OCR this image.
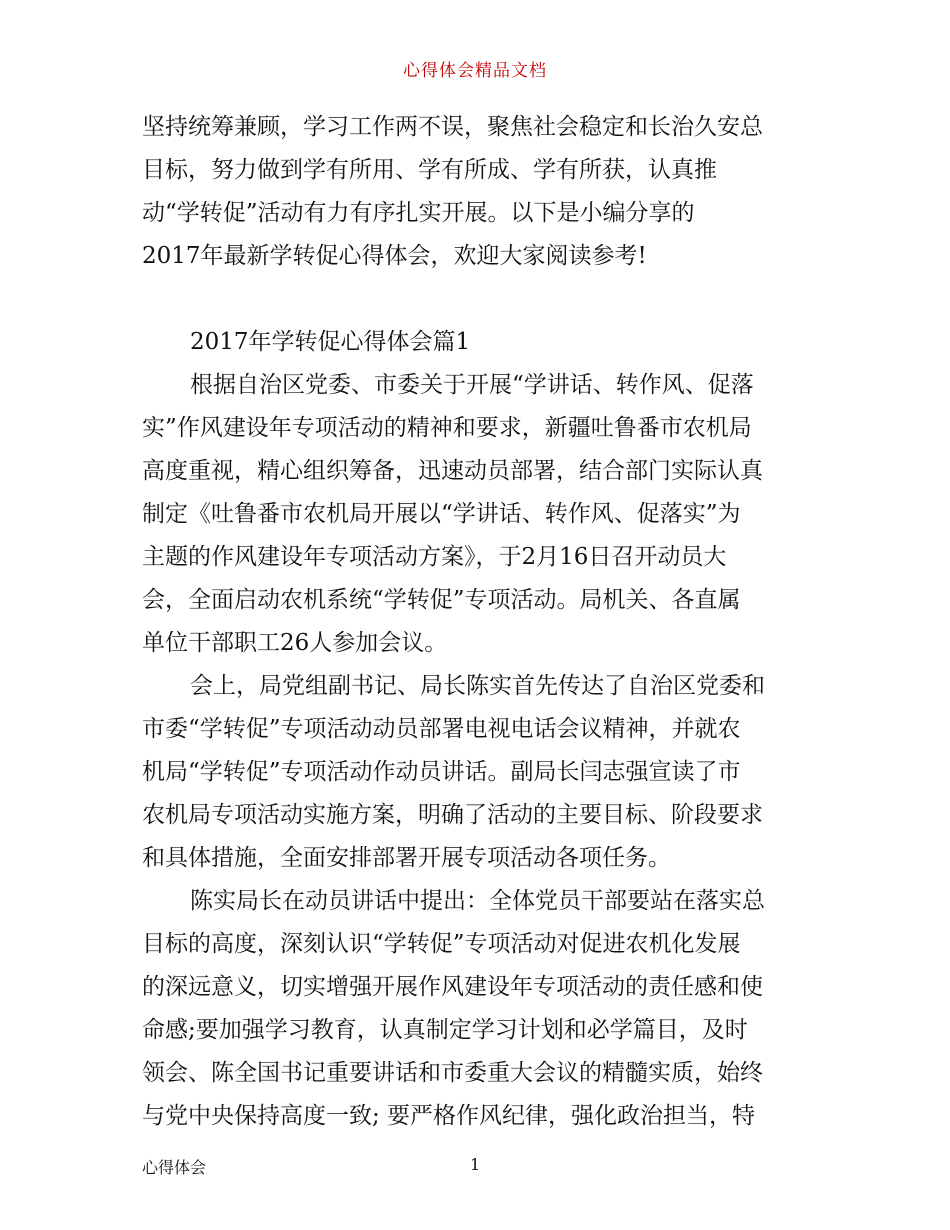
心得体会精品文档
坚持统筹兼顾，学习工作两不误，聚焦社会稳定和长治久安总
目标，努力做到学有所用、学有所成、学有所获，认真推
动“学转促”活动有力有序扎实开展。以下是小编分享的
2017年最新学转促心得体会，欢迎大家阅读参考!
2017年学转促心得体会篇1
根据自治区党委、市委关于开展“学讲话、转作风、促落
实”作风建设年专项活动的精神和要求，新疆吐鲁番市农机局
高度重视，精心组织筹备，迅速动员部署，结合部门实际认真
制定《吐鲁番市农机局开展以“学讲话、转作风、促落实”为
主题的作风建设年专项活动方案》，于2月16日召开动员大
会，全面启动农机系统“学转促”专项活动。局机关、各直属
单位干部职工26人参加会议。
会上，局党组副书记、局长陈实首先传达了自治区党委和
市委“学转促”专项活动动员部署电视电话会议精神，并就农
机局“学转促”专项活动作动员讲话。副局长闫志强宣读了市
农机局专项活动实施方案，明确了活动的主要目标、阶段要求
和具体措施，全面安排部署开展专项活动各项任务。
陈实局长在动员讲话中提出：全体党员干部要站在落实总
目标的高度，深刻认识“学转促”专项活动对促进农机化发展
的深远意义，切实增强开展作风建设年专项活动的责任感和使
命感;要加强学习教育，认真制定学习计划和必学篇目，及时
领会、陈全国书记重要讲话和市委重大会议的精髓实质，始终
与党中央保持高度一致; 要严格作风纪律，强化政治担当，特
心得体会	1
